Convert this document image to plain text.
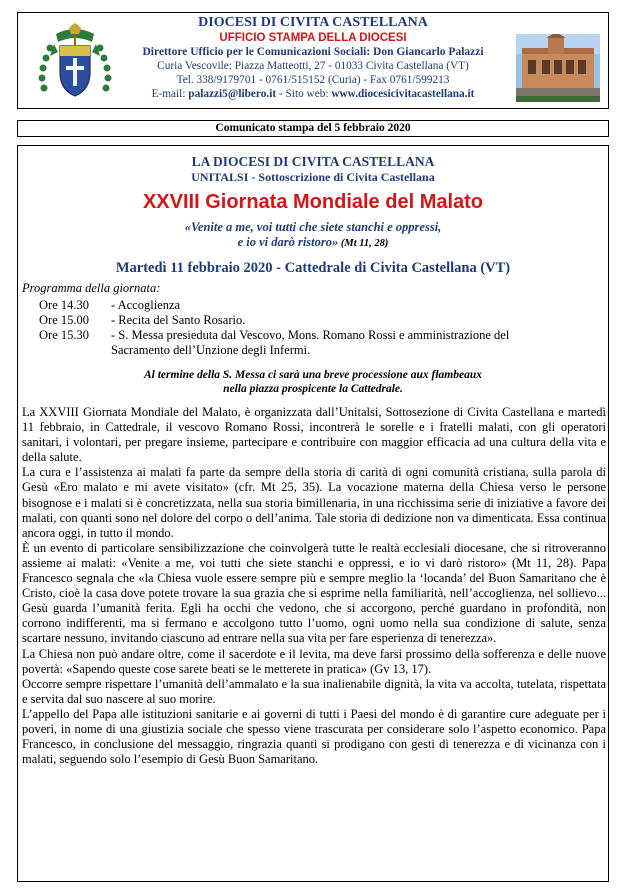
DIOCESI DI CIVITA CASTELLANA
UFFICIO STAMPA DELLA DIOCESI
Direttore Ufficio per le Comunicazioni Sociali: Don Giancarlo Palazzi
Curia Vescovile: Piazza Matteotti, 27 - 01033 Civita Castellana (VT)
Tel. 338/9179701 - 0761/515152 (Curia) - Fax 0761/599213
E-mail: palazzi5@libero.it - Sito web: www.diocesicivitacastellana.it
Comunicato stampa del 5 febbraio 2020
LA DIOCESI DI CIVITA CASTELLANA
UNITALSI - Sottoscrizione di Civita Castellana
XXVIII Giornata Mondiale del Malato
«Venite a me, voi tutti che siete stanchi e oppressi,
e io vi darò ristoro» (Mt 11, 28)
Martedì 11 febbraio 2020 - Cattedrale di Civita Castellana (VT)
Programma della giornata:
Ore 14.30	- Accoglienza
Ore 15.00	- Recita del Santo Rosario.
Ore 15.30	- S. Messa presieduta dal Vescovo, Mons. Romano Rossi e amministrazione del Sacramento dell’Unzione degli Infermi.
Al termine della S. Messa ci sarà una breve processione aux flambeaux
nella piazza prospicente la Cattedrale.

La XXVIII Giornata Mondiale del Malato, è organizzata dall’Unitalsi, Sottosezione di Civita Castellana e martedì 11 febbraio, in Cattedrale, il vescovo Romano Rossi, incontrerà le sorelle e i fratelli malati, con gli operatori sanitari, i volontari, per pregare insieme, partecipare e contribuire con maggior efficacia ad una cultura della vita e della salute.

La cura e l’assistenza ai malati fa parte da sempre della storia di carità di ogni comunità cristiana, sulla parola di Gesù «Ero malato e mi avete visitato» (cfr. Mt 25, 35). La vocazione materna della Chiesa verso le persone bisognose e i malati si è concretizzata, nella sua storia bimillenaria, in una ricchissima serie di iniziative a favore dei malati, con quanti sono nel dolore del corpo o dell’anima. Tale storia di dedizione non va dimenticata. Essa continua ancora oggi, in tutto il mondo.

È un evento di particolare sensibilizzazione che coinvolgerà tutte le realtà ecclesiali diocesane, che si ritroveranno assieme ai malati: «Venite a me, voi tutti che siete stanchi e oppressi, e io vi darò ristoro» (Mt 11, 28). Papa Francesco segnala che «la Chiesa vuole essere sempre più e sempre meglio la ‘locanda’ del Buon Samaritano che è Cristo, cioè la casa dove potete trovare la sua grazia che si esprime nella familiarità, nell’accoglienza, nel sollievo... Gesù guarda l’umanità ferita. Egli ha occhi che vedono, che si accorgono, perché guardano in profondità, non corrono indifferenti, ma si fermano e accolgono tutto l’uomo, ogni uomo nella sua condizione di salute, senza scartare nessuno, invitando ciascuno ad entrare nella sua vita per fare esperienza di tenerezza».

La Chiesa non può andare oltre, come il sacerdote e il levita, ma deve farsi prossimo della sofferenza e delle nuove povertà: «Sapendo queste cose sarete beati se le metterete in pratica» (Gv 13, 17).

Occorre sempre rispettare l’umanità dell’ammalato e la sua inalienabile dignità, la vita va accolta, tutelata, rispettata e servita dal suo nascere al suo morire.

L’appello del Papa alle istituzioni sanitarie e ai governi di tutti i Paesi del mondo è di garantire cure adeguate per i poveri, in nome di una giustizia sociale che spesso viene trascurata per considerare solo l’aspetto economico. Papa Francesco, in conclusione del messaggio, ringrazia quanti si prodigano con gesti di tenerezza e di vicinanza con i malati, seguendo solo l’esempio di Gesù Buon Samaritano.
